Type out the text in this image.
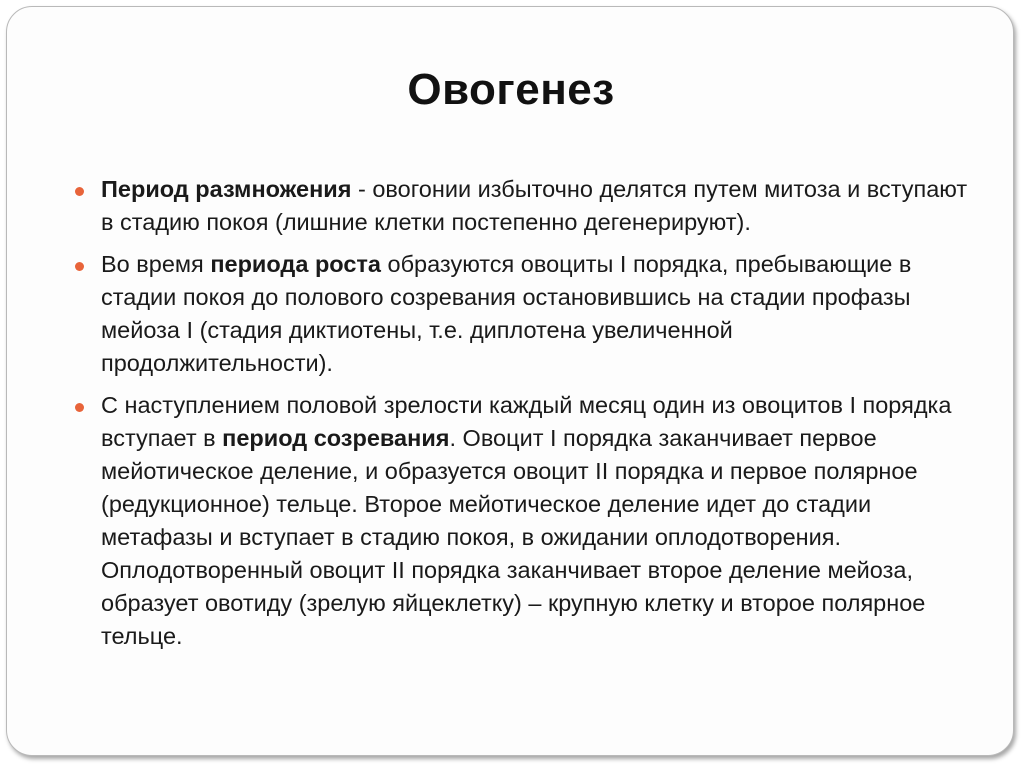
Овогенез
Период размножения - овогонии избыточно делятся путем митоза и вступают в стадию покоя (лишние клетки постепенно дегенерируют).
Во время периода роста образуются овоциты I порядка, пребывающие в стадии покоя до полового созревания остановившись на стадии профазы мейоза I (стадия диктиотены, т.е. диплотена увеличенной продолжительности).
С наступлением половой зрелости каждый месяц один из овоцитов I порядка вступает в период созревания. Овоцит I порядка заканчивает первое мейотическое деление, и образуется овоцит II порядка и первое полярное (редукционное) тельце. Второе мейотическое деление идет до стадии метафазы и вступает в стадию покоя, в ожидании оплодотворения. Оплодотворенный овоцит II порядка заканчивает второе деление мейоза, образует овотиду (зрелую яйцеклетку) – крупную клетку и второе полярное тельце.
